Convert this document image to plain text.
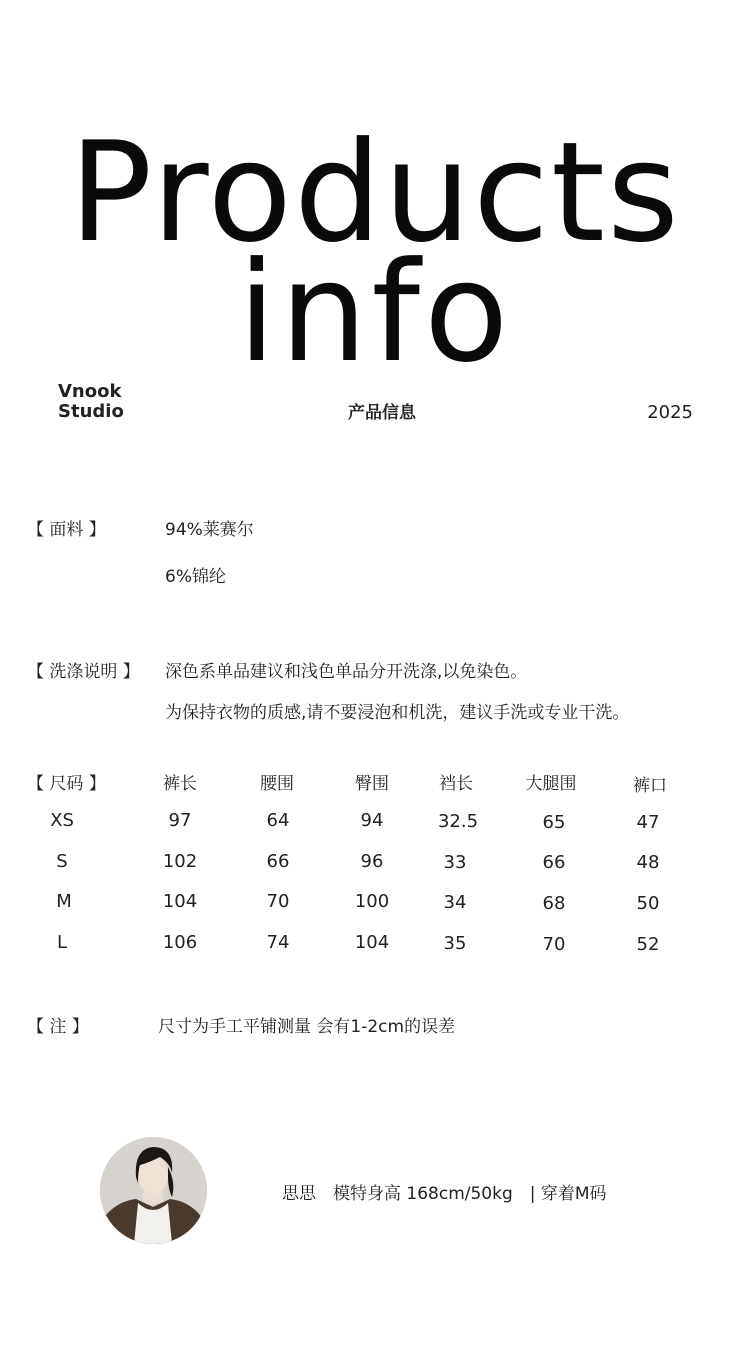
Products
info
Vnook
Studio	产品信息	2025
【 面料 】	94%莱赛尔
6%锦纶
【 洗涤说明 】 深色系单品建议和浅色单品分开洗涤,以免染色。
为保持衣物的质感,请不要浸泡和机洗，建议手洗或专业干洗。
【 尺码 】	裤长	腰围	臀围	裆长	大腿围	裤口
XS	97	64	94	32.5	65	47
S	102	66	96	33	66	48
M	104	70	100	34	68	50
L	106	74	104	35	70	52
【 注 】	尺寸为手工平铺测量 会有1-2cm的误差
思思　模特身高 168cm/50kg　| 穿着M码
